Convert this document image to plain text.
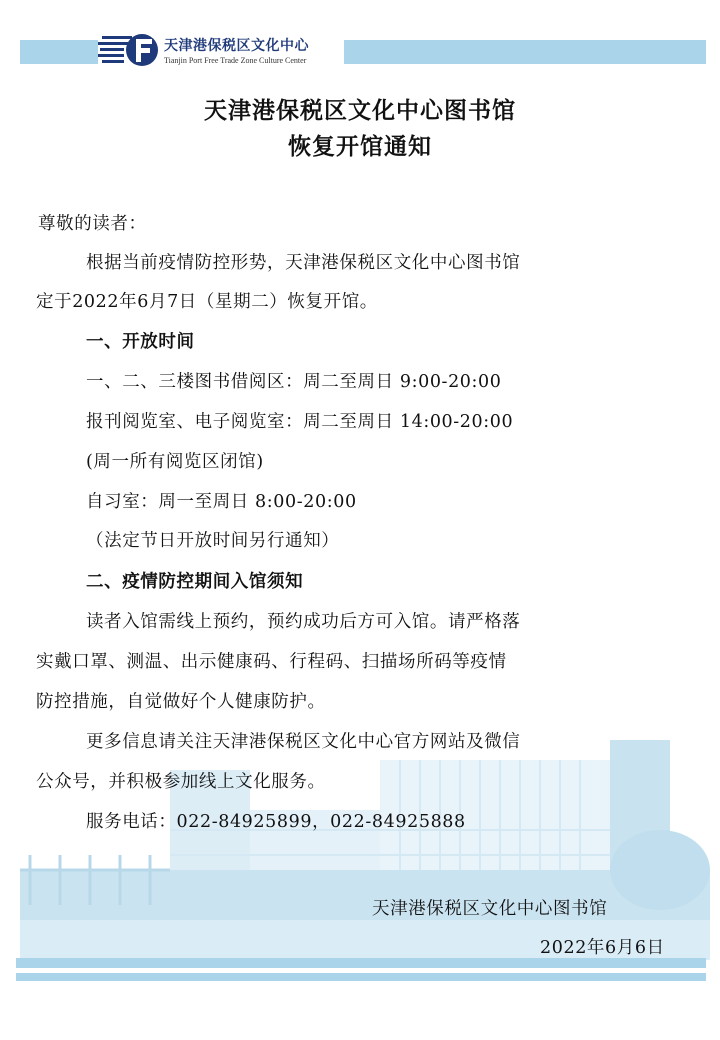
天津港保税区文化中心
Tianjin Port Free Trade Zone Culture Center
天津港保税区文化中心图书馆
恢复开馆通知
尊敬的读者：
根据当前疫情防控形势，天津港保税区文化中心图书馆
定于2022年6月7日（星期二）恢复开馆。
一、开放时间
一、二、三楼图书借阅区：周二至周日 9:00-20:00
报刊阅览室、电子阅览室：周二至周日 14:00-20:00
(周一所有阅览区闭馆)
自习室：周一至周日 8:00-20:00
（法定节日开放时间另行通知）
二、疫情防控期间入馆须知
读者入馆需线上预约，预约成功后方可入馆。请严格落
实戴口罩、测温、出示健康码、行程码、扫描场所码等疫情
防控措施，自觉做好个人健康防护。
更多信息请关注天津港保税区文化中心官方网站及微信
公众号，并积极参加线上文化服务。
服务电话：022-84925899，022-84925888
天津港保税区文化中心图书馆
2022年6月6日
